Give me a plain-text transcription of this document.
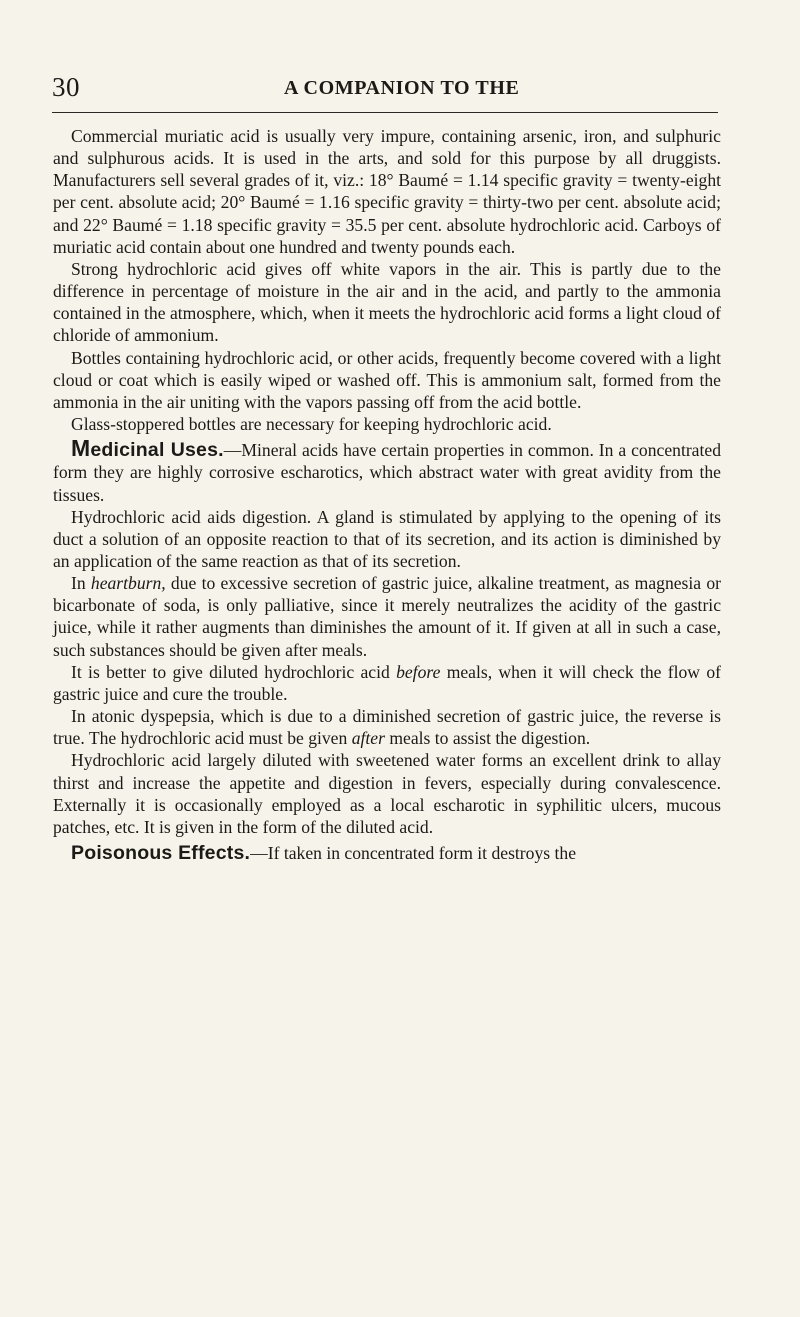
30	A COMPANION TO THE

Commercial muriatic acid is usually very impure, containing arsenic, iron, and sulphuric and sulphurous acids. It is used in the arts, and sold for this purpose by all druggists. Manufacturers sell several grades of it, viz.: 18° Baumé = 1.14 specific gravity = twenty-eight per cent. absolute acid; 20° Baumé = 1.16 specific gravity = thirty-two per cent. absolute acid; and 22° Baumé = 1.18 specific gravity = 35.5 per cent. absolute hydrochloric acid. Carboys of muriatic acid contain about one hundred and twenty pounds each.

Strong hydrochloric acid gives off white vapors in the air. This is partly due to the difference in percentage of moisture in the air and in the acid, and partly to the ammonia contained in the atmosphere, which, when it meets the hydrochloric acid forms a light cloud of chloride of ammonium.

Bottles containing hydrochloric acid, or other acids, frequently become covered with a light cloud or coat which is easily wiped or washed off. This is ammonium salt, formed from the ammonia in the air uniting with the vapors passing off from the acid bottle.

Glass-stoppered bottles are necessary for keeping hydrochloric acid.

Medicinal Uses.—Mineral acids have certain properties in common. In a concentrated form they are highly corrosive escharotics, which abstract water with great avidity from the tissues.

Hydrochloric acid aids digestion. A gland is stimulated by applying to the opening of its duct a solution of an opposite reaction to that of its secretion, and its action is diminished by an application of the same reaction as that of its secretion.

In heartburn, due to excessive secretion of gastric juice, alkaline treatment, as magnesia or bicarbonate of soda, is only palliative, since it merely neutralizes the acidity of the gastric juice, while it rather augments than diminishes the amount of it. If given at all in such a case, such substances should be given after meals.

It is better to give diluted hydrochloric acid before meals, when it will check the flow of gastric juice and cure the trouble.

In atonic dyspepsia, which is due to a diminished secretion of gastric juice, the reverse is true. The hydrochloric acid must be given after meals to assist the digestion.

Hydrochloric acid largely diluted with sweetened water forms an excellent drink to allay thirst and increase the appetite and digestion in fevers, especially during convalescence. Externally it is occasionally employed as a local escharotic in syphilitic ulcers, mucous patches, etc. It is given in the form of the diluted acid.

Poisonous Effects.—If taken in concentrated form it destroys the
